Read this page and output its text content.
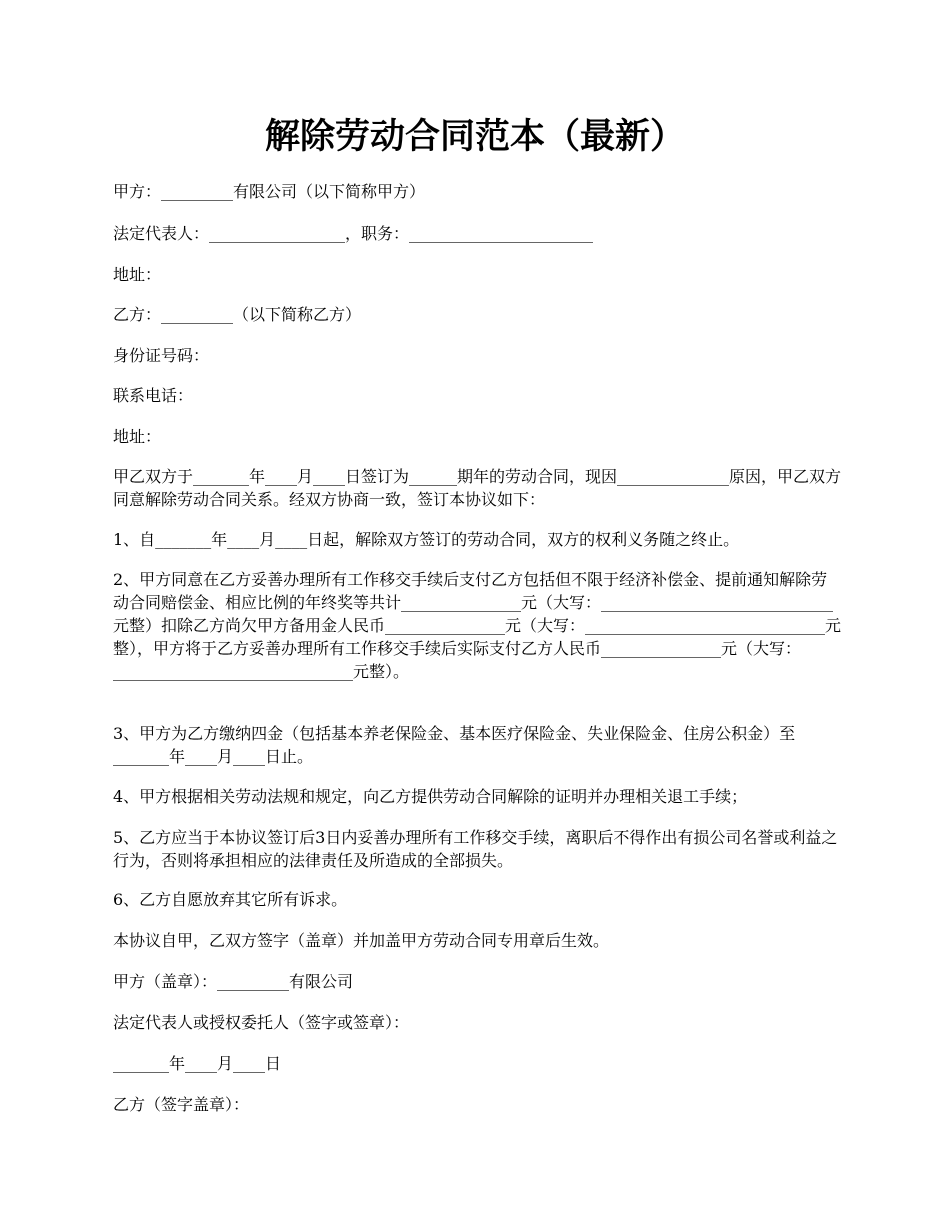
解除劳动合同范本（最新）

甲方：_________有限公司（以下简称甲方）

法定代表人：_________________，职务：_______________________

地址：

乙方：_________（以下简称乙方）

身份证号码：

联系电话：

地址：

甲乙双方于_______年____月____日签订为______期年的劳动合同，现因______________原因，甲乙双方同意解除劳动合同关系。经双方协商一致，签订本协议如下：

1、自_______年____月____日起，解除双方签订的劳动合同，双方的权利义务随之终止。

2、甲方同意在乙方妥善办理所有工作移交手续后支付乙方包括但不限于经济补偿金、提前通知解除劳动合同赔偿金、相应比例的年终奖等共计_______________元（大写：_____________________________元整）扣除乙方尚欠甲方备用金人民币_______________元（大写：______________________________元整），甲方将于乙方妥善办理所有工作移交手续后实际支付乙方人民币_______________元（大写：______________________________元整）。

3、甲方为乙方缴纳四金（包括基本养老保险金、基本医疗保险金、失业保险金、住房公积金）至_______年____月____日止。

4、甲方根据相关劳动法规和规定，向乙方提供劳动合同解除的证明并办理相关退工手续；

5、乙方应当于本协议签订后3日内妥善办理所有工作移交手续，离职后不得作出有损公司名誉或利益之行为，否则将承担相应的法律责任及所造成的全部损失。

6、乙方自愿放弃其它所有诉求。

本协议自甲，乙双方签字（盖章）并加盖甲方劳动合同专用章后生效。

甲方（盖章）：_________有限公司

法定代表人或授权委托人（签字或签章）：

_______年____月____日

乙方（签字盖章）：
